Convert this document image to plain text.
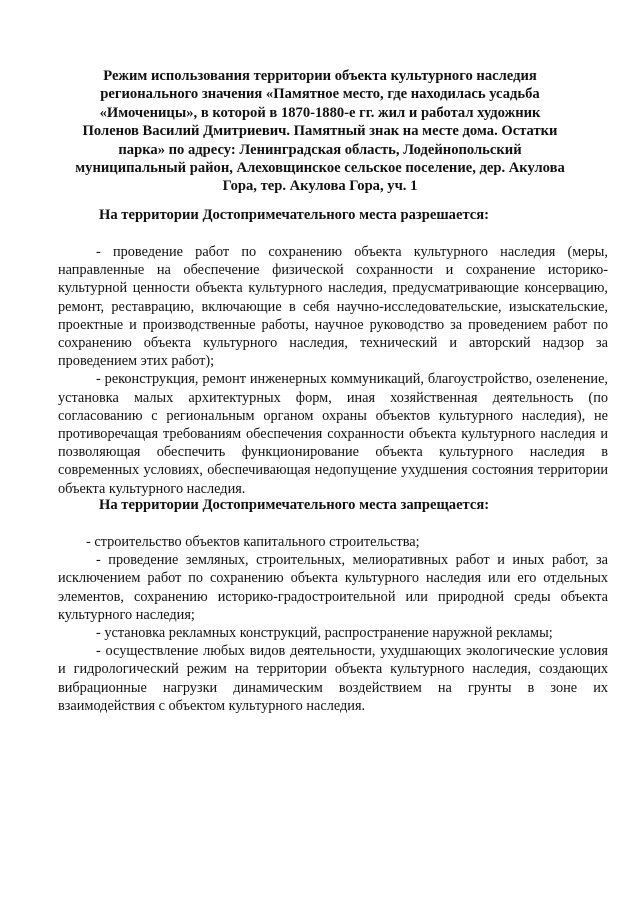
Режим использования территории объекта культурного наследия регионального значения «Памятное место, где находилась усадьба «Имоченицы», в которой в 1870-1880-е гг. жил и работал художник Поленов Василий Дмитриевич. Памятный знак на месте дома. Остатки парка» по адресу: Ленинградская область, Лодейнопольский муниципальный район, Алеховщинское сельское поселение, дер. Акулова Гора, тер. Акулова Гора, уч. 1
На территории Достопримечательного места разрешается:

- проведение работ по сохранению объекта культурного наследия (меры, направленные на обеспечение физической сохранности и сохранение историко-культурной ценности объекта культурного наследия, предусматривающие консервацию, ремонт, реставрацию, включающие в себя научно-исследовательские, изыскательские, проектные и производственные работы, научное руководство за проведением работ по сохранению объекта культурного наследия, технический и авторский надзор за проведением этих работ);

- реконструкция, ремонт инженерных коммуникаций, благоустройство, озеленение, установка малых архитектурных форм, иная хозяйственная деятельность (по согласованию с региональным органом охраны объектов культурного наследия), не противоречащая требованиям обеспечения сохранности объекта культурного наследия и позволяющая обеспечить функционирование объекта культурного наследия в современных условиях, обеспечивающая недопущение ухудшения состояния территории объекта культурного наследия.

На территории Достопримечательного места запрещается:

- строительство объектов капитального строительства;

- проведение земляных, строительных, мелиоративных работ и иных работ, за исключением работ по сохранению объекта культурного наследия или его отдельных элементов, сохранению историко-градостроительной или природной среды объекта культурного наследия;

- установка рекламных конструкций, распространение наружной рекламы;

- осуществление любых видов деятельности, ухудшающих экологические условия и гидрологический режим на территории объекта культурного наследия, создающих вибрационные нагрузки динамическим воздействием на грунты в зоне их взаимодействия с объектом культурного наследия.
